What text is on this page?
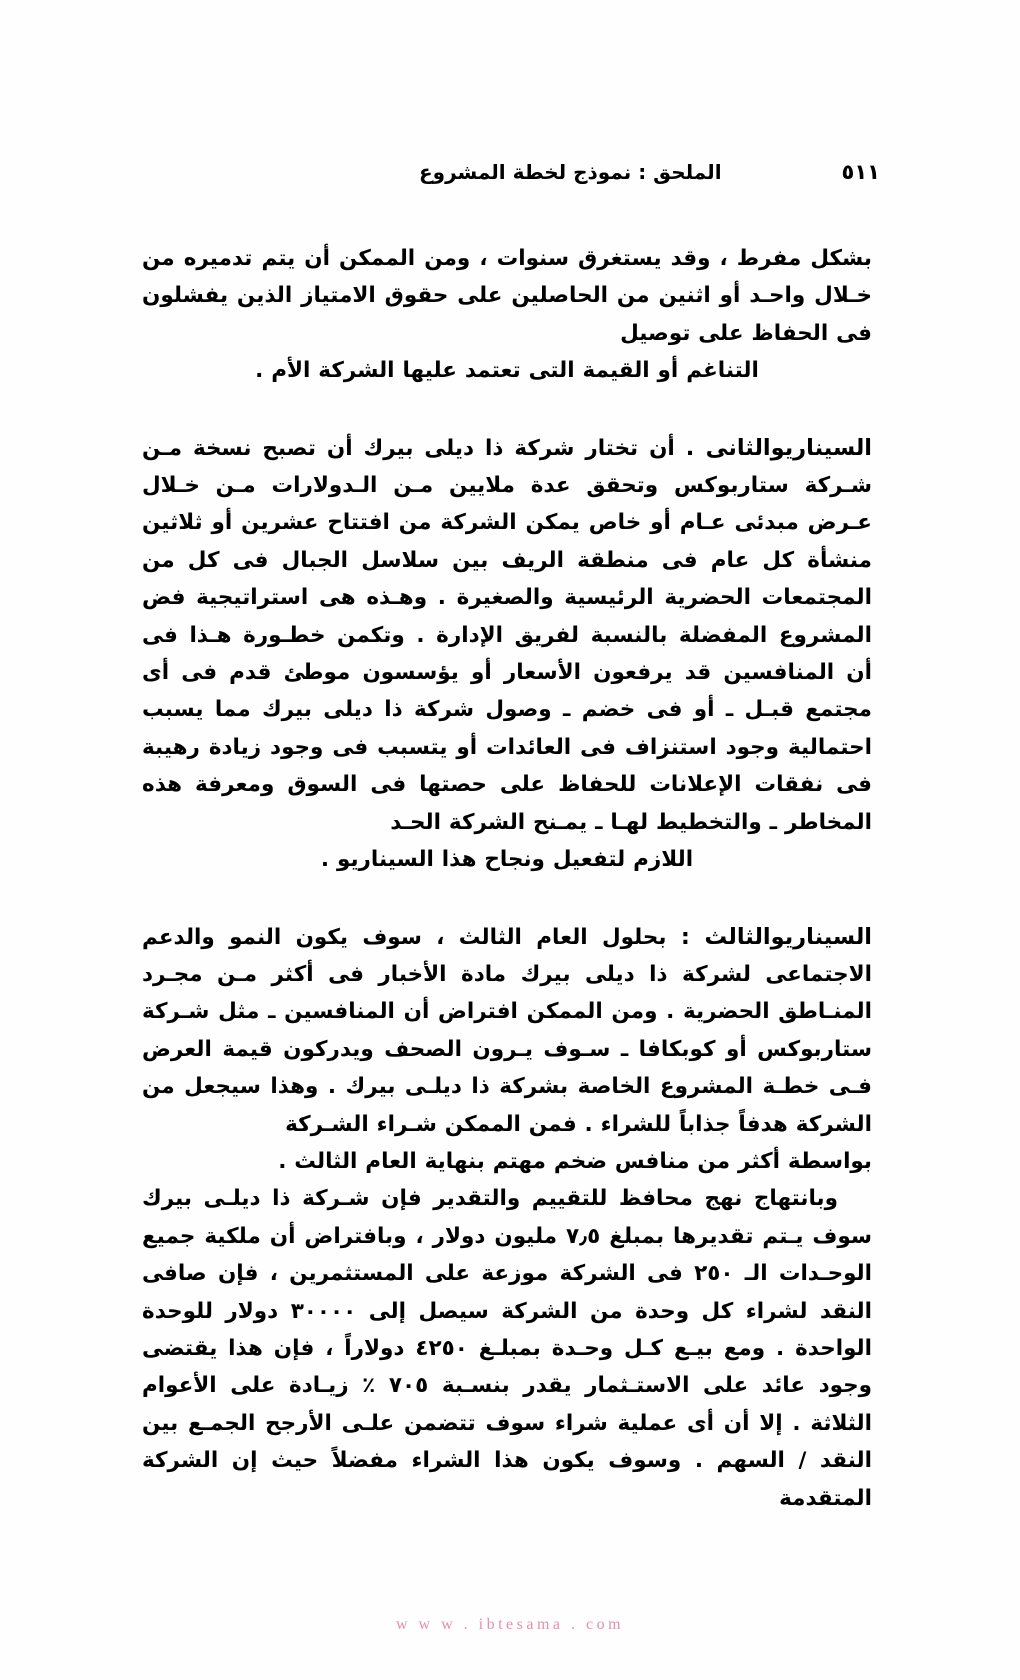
٥١١
الملحق : نموذج لخطة المشروع

بشكل مفرط ، وقد يستغرق سنوات ، ومن الممكن أن يتم تدميره من خـلال واحـد أو اثنين من الحاصلين على حقوق الامتياز الذين يفشلون فى الحفاظ على توصيل
التناغم أو القيمة التى تعتمد عليها الشركة الأم .

السيناريوالثانى . أن تختار شركة ذا ديلى بيرك أن تصبح نسخة مـن شـركة ستاربوكس وتحقق عدة ملايين مـن الـدولارات مـن خـلال عـرض مبدئى عـام أو خاص يمكن الشركة من افتتاح عشرين أو ثلاثين منشأة كل عام فى منطقة الريف بين سلاسل الجبال فى كل من المجتمعات الحضرية الرئيسية والصغيرة . وهـذه هى استراتيجية فض المشروع المفضلة بالنسبة لفريق الإدارة . وتكمن خطـورة هـذا فى أن المنافسين قد يرفعون الأسعار أو يؤسسون موطئ قدم فى أى مجتمع قبـل ـ أو فى خضم ـ وصول شركة ذا ديلى بيرك مما يسبب احتمالية وجود استنزاف فى العائدات أو يتسبب فى وجود زيادة رهيبة فى نفقات الإعلانات للحفاظ على حصتها فى السوق ومعرفة هذه المخاطر ـ والتخطيط لهـا ـ يمـنح الشركة الحـد
اللازم لتفعيل ونجاح هذا السيناريو .

السيناريوالثالث : بحلول العام الثالث ، سوف يكون النمو والدعم الاجتماعى لشركة ذا ديلى بيرك مادة الأخبار فى أكثر مـن مجـرد المنـاطق الحضرية . ومن الممكن افتراض أن المنافسين ـ مثل شـركة ستاربوكس أو كوبكافا ـ سـوف يـرون الصحف ويدركون قيمة العرض فـى خطـة المشروع الخاصة بشركة ذا ديلـى بيرك . وهذا سيجعل من الشركة هدفاً جذاباً للشراء . فمن الممكن شـراء الشـركة
بواسطة أكثر من منافس ضخم مهتم بنهاية العام الثالث .

وبانتهاج نهج محافظ للتقييم والتقدير فإن شـركة ذا ديلـى بيرك سوف يـتم تقديرها بمبلغ ٧٫٥ مليون دولار ، وبافتراض أن ملكية جميع الوحـدات الـ ٢٥٠ فى الشركة موزعة على المستثمرين ، فإن صافى النقد لشراء كل وحدة من الشركة سيصل إلى ٣٠٠٠٠ دولار للوحدة الواحدة . ومع بيـع كـل وحـدة بمبلـغ ٤٢٥٠ دولاراً ، فإن هذا يقتضى وجود عائد على الاستـثمار يقدر بنسـبة ٧٠٥ ٪ زيـادة على الأعوام الثلاثة . إلا أن أى عملية شراء سوف تتضمن علـى الأرجح الجمـع بين النقد / السهم . وسوف يكون هذا الشراء مفضلاً حيث إن الشركة المتقدمة

w w w . ibtesama . com
